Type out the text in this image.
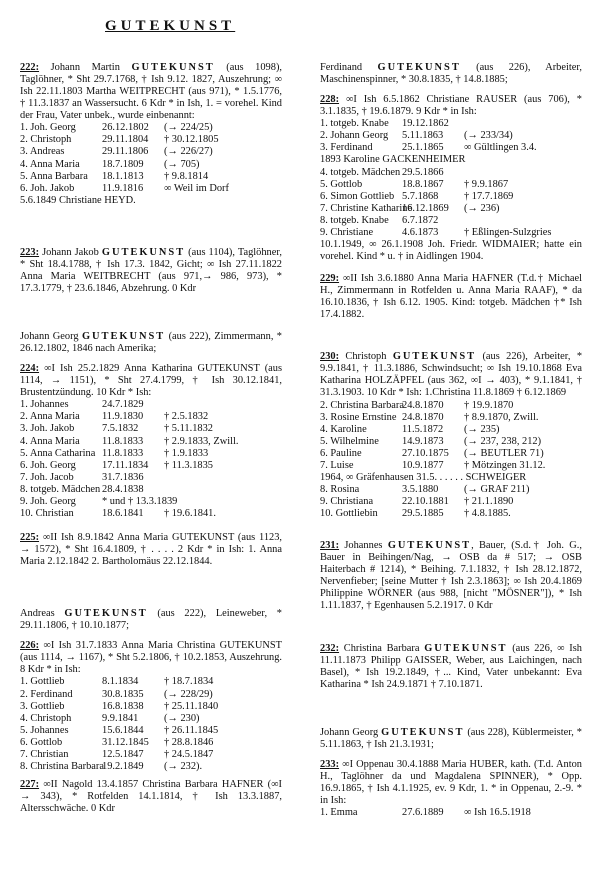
GUTEKUNST

222: Johann Martin GUTEKUNST (aus 1098), Taglöhner, * Sht 29.7.1768, † Ish 9.12. 1827, Auszehrung; ∞ Ish 22.11.1803 Martha WEITPRECHT (aus 971), * 1.5.1776, † 11.3.1837 an Wassersucht. 6 Kdr * in Ish, 1. = vorehel. Kind der Frau, Vater unbek., wurde einbenannt:

1. Joh. Georg	26.12.1802 (→ 224/25)
2. Christoph	29.11.1804 † 30.12.1805
3. Andreas	29.11.1806 (→ 226/27)
4. Anna Maria 18.7.1809 (→ 705)
5. Anna Barbara 18.1.1813 † 9.8.1814
6. Joh. Jakob	11.9.1816 ∞ Weil im Dorf

5.6.1849 Christiane HEYD.

223: Johann Jakob GUTEKUNST (aus 1104), Taglöhner, * Sht 18.4.1788, † Ish 17.3. 1842, Gicht; ∞ Ish 27.11.1822 Anna Maria WEITBRECHT (aus 971,→ 986, 973), * 17.3.1779, † 23.6.1846, Abzehrung. 0 Kdr

Johann Georg GUTEKUNST (aus 222), Zimmermann, * 26.12.1802, 1846 nach Amerika;

224: ∞I Ish 25.2.1829 Anna Katharina GUTEKUNST (aus 1114, → 1151), * Sht 27.4.1799, † Ish 30.12.1841, Brustentzündung. 10 Kdr * Ish:

1. Johannes	24.7.1829
2. Anna Maria 11.9.1830 † 2.5.1832
3. Joh. Jakob	7.5.1832 † 5.11.1832
4. Anna Maria 11.8.1833 † 2.9.1833, Zwill.
5. Anna Catharina 11.8.1833 † 1.9.1833
6. Joh. Georg	17.11.1834 † 11.3.1835
7. Joh. Jacob	31.7.1836
8. totgeb. Mädchen 28.4.1838
9. Joh. Georg	* und † 13.3.1839
10. Christian	18.6.1841 † 19.6.1841.

225: ∞II Ish 8.9.1842 Anna Maria GUTEKUNST (aus 1123, → 1572), * Sht 16.4.1809, † . . . . 2 Kdr * in Ish: 1. Anna Maria 2.12.1842 2. Bartholomäus 22.12.1844.

Andreas GUTEKUNST (aus 222), Leineweber, * 29.11.1806, † 10.10.1877;

226: ∞I Ish 31.7.1833 Anna Maria Christina GUTEKUNST (aus 1114, → 1167), * Sht 5.2.1806, † 10.2.1853, Auszehrung. 8 Kdr * in Ish:

1. Gottlieb	8.1.1834 † 18.7.1834
2. Ferdinand	30.8.1835 (→ 228/29)
3. Gottlieb	16.8.1838 † 25.11.1840
4. Christoph	9.9.1841 (→ 230)
5. Johannes	15.6.1844 † 26.11.1845
6. Gottlob	31.12.1845 † 28.8.1846
7. Christian	12.5.1847 † 24.5.1847
8. Christina Barbara19.2.1849 (→ 232).

227: ∞II Nagold 13.4.1857 Christina Barbara HAFNER (∞I → 343), * Rotfelden 14.1.1814, † Ish 13.3.1887, Altersschwäche. 0 Kdr

Ferdinand GUTEKUNST (aus 226), Arbeiter, Maschinenspinner, * 30.8.1835, † 14.8.1885;

228: ∞I Ish 6.5.1862 Christiane RAUSER (aus 706), * 3.1.1835, † 19.6.1879. 9 Kdr * in Ish:

1. totgeb. Knabe 19.12.1862
2. Johann Georg 5.11.1863 (→ 233/34)
3. Ferdinand	25.1.1865 ∞ Gültlingen 3.4.

1893 Karoline GACKENHEIMER

4. totgeb. Mädchen 29.5.1866
5. Gottlob	18.8.1867 † 9.9.1867
6. Simon Gottlieb 5.7.1868 † 17.7.1869
7. Christine Katharine16.12.1869 (→ 236)
8. totgeb. Knabe 6.7.1872
9. Christiane	4.6.1873 † Eßlingen-Sulzgries

10.1.1949, ∞ 26.1.1908 Joh. Friedr. WIDMAIER; hatte ein vorehel. Kind * u. † in Aidlingen 1904.

229: ∞II Ish 3.6.1880 Anna Maria HAFNER (T.d.† Michael H., Zimmermann in Rotfelden u. Anna Maria RAAF), * da 16.10.1836, † Ish 6.12. 1905. Kind: totgeb. Mädchen †* Ish 17.4.1882.

230: Christoph GUTEKUNST (aus 226), Arbeiter, * 9.9.1841, † 11.3.1886, Schwindsucht; ∞ Ish 19.10.1868 Eva Katharina HOLZÄPFEL (aus 362, ∞I → 403), * 9.1.1841, † 31.3.1903. 10 Kdr * Ish: 1.Christina 11.8.1869 † 6.12.1869

2. Christina Barbara24.8.1870 † 19.9.1870
3. Rosine Ernstine 24.8.1870 † 8.9.1870, Zwill.
4. Karoline	11.5.1872 (→ 235)
5. Wilhelmine 14.9.1873 (→ 237, 238, 212)
6. Pauline	27.10.1875 (→ BEUTLER 71)
7. Luise	10.9.1877 † Mötzingen 31.12.

1964, ∞ Gräfenhausen 31.5. . . . . . SCHWEIGER

8. Rosina	3.5.1880 (→ GRAF 211)
9. Christiana	22.10.1881 † 21.1.1890
10. Gottliebin 29.5.1885 † 4.8.1885.

231: Johannes GUTEKUNST, Bauer, (S.d.† Joh. G., Bauer in Beihingen/Nag, → OSB da # 517; → OSB Haiterbach # 1214), * Beihing. 7.1.1832, † Ish 28.12.1872, Nervenfieber; [seine Mutter † Ish 2.3.1863]; ∞ Ish 20.4.1869 Philippine WÖRNER (aus 988, [nicht "MÖSNER"]), * Ish 1.11.1837, † Egenhausen 5.2.1917. 0 Kdr

232: Christina Barbara GUTEKUNST (aus 226, ∞ Ish 11.11.1873 Philipp GAISSER, Weber, aus Laichingen, nach Basel), * Ish 19.2.1849, †... Kind, Vater unbekannt: Eva Katharina * Ish 24.9.1871 † 7.10.1871.

Johann Georg GUTEKUNST (aus 228), Küblermeister, * 5.11.1863, † Ish 21.3.1931;

233: ∞I Oppenau 30.4.1888 Maria HUBER, kath. (T.d. Anton H., Taglöhner da und Magdalena SPINNER), * Opp. 16.9.1865, † Ish 4.1.1925, ev. 9 Kdr, 1. * in Oppenau, 2.-9. * in Ish:

1. Emma	27.6.1889 ∞ Ish 16.5.1918
